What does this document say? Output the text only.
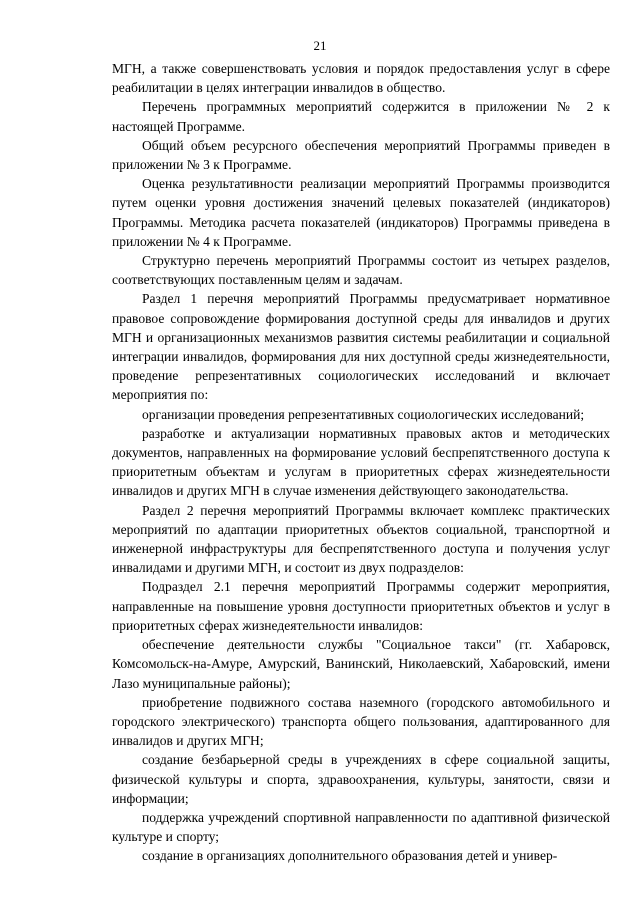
21

МГН, а также совершенствовать условия и порядок предоставления услуг в сфере реабилитации в целях интеграции инвалидов в общество.

Перечень программных мероприятий содержится в приложении № 2 к настоящей Программе.

Общий объем ресурсного обеспечения мероприятий Программы приведен в приложении № 3 к Программе.

Оценка результативности реализации мероприятий Программы производится путем оценки уровня достижения значений целевых показателей (индикаторов) Программы. Методика расчета показателей (индикаторов) Программы приведена в приложении № 4 к Программе.

Структурно перечень мероприятий Программы состоит из четырех разделов, соответствующих поставленным целям и задачам.

Раздел 1 перечня мероприятий Программы предусматривает нормативное правовое сопровождение формирования доступной среды для инвалидов и других МГН и организационных механизмов развития системы реабилитации и социальной интеграции инвалидов, формирования для них доступной среды жизнедеятельности, проведение репрезентативных социологических исследований и включает мероприятия по:

организации проведения репрезентативных социологических исследований;

разработке и актуализации нормативных правовых актов и методических документов, направленных на формирование условий беспрепятственного доступа к приоритетным объектам и услугам в приоритетных сферах жизнедеятельности инвалидов и других МГН в случае изменения действующего законодательства.

Раздел 2 перечня мероприятий Программы включает комплекс практических мероприятий по адаптации приоритетных объектов социальной, транспортной и инженерной инфраструктуры для беспрепятственного доступа и получения услуг инвалидами и другими МГН, и состоит из двух подразделов:

Подраздел 2.1 перечня мероприятий Программы содержит мероприятия, направленные на повышение уровня доступности приоритетных объектов и услуг в приоритетных сферах жизнедеятельности инвалидов:

обеспечение деятельности службы "Социальное такси" (гг. Хабаровск, Комсомольск-на-Амуре, Амурский, Ванинский, Николаевский, Хабаровский, имени Лазо муниципальные районы);

приобретение подвижного состава наземного (городского автомобильного и городского электрического) транспорта общего пользования, адаптированного для инвалидов и других МГН;

создание безбарьерной среды в учреждениях в сфере социальной защиты, физической культуры и спорта, здравоохранения, культуры, занятости, связи и информации;

поддержка учреждений спортивной направленности по адаптивной физической культуре и спорту;

создание в организациях дополнительного образования детей и универ-
